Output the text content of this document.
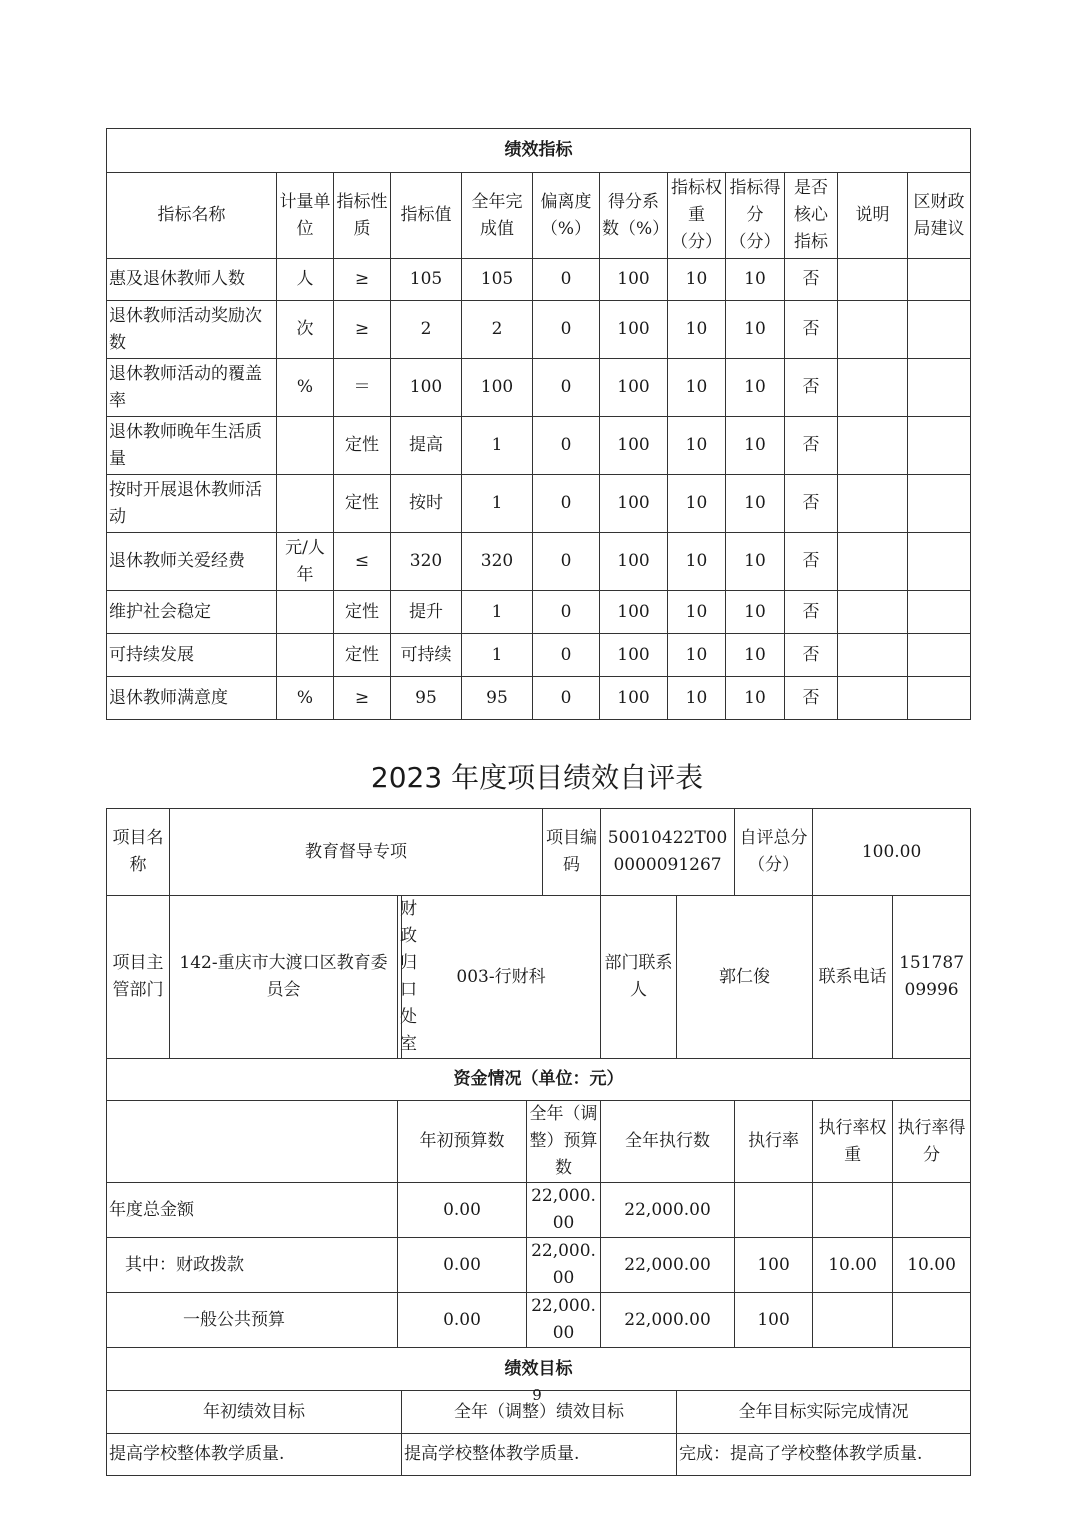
绩效指标											
指标名称	计量单位	指标性质	指标值	全年完成值	偏离度（%）	得分系数（%）	指标权重（分）	指标得分（分）	是否核心指标	说明	区财政局建议
惠及退休教师人数	人	≥	105	105	0	100	10	10	否		
退休教师活动奖励次数	次	≥	2	2	0	100	10	10	否		
退休教师活动的覆盖率	%	＝	100	100	0	100	10	10	否		
退休教师晚年生活质量		定性	提高	1	0	100	10	10	否		
按时开展退休教师活动		定性	按时	1	0	100	10	10	否		
退休教师关爱经费	元/人年	≤	320	320	0	100	10	10	否		
维护社会稳定		定性	提升	1	0	100	10	10	否		
可持续发展		定性	可持续	1	0	100	10	10	否		
退休教师满意度	%	≥	95	95	0	100	10	10	否		
2023 年度项目绩效自评表
项目名称	教育督导专项				项目编码	50010422T000000091267		自评总分（分）	100.00	
项目主管部门	142-重庆市大渡口区教育委员会	财政归口处室	003-行财科			部门联系人	郭仁俊		联系电话	15178709996
资金情况（单位：元）										
		年初预算数		全年（调整）预算数		全年执行数		执行率	执行率权重	执行率得分
年度总金额		0.00		22,000.00		22,000.00				
其中：财政拨款		0.00		22,000.00		22,000.00		100	10.00	10.00
一般公共预算		0.00		22,000.00		22,000.00		100		
绩效目标										
年初绩效目标			全年（调整）绩效目标				全年目标实际完成情况			
提高学校整体教学质量.			提高学校整体教学质量.				完成：提高了学校整体教学质量.			
9
